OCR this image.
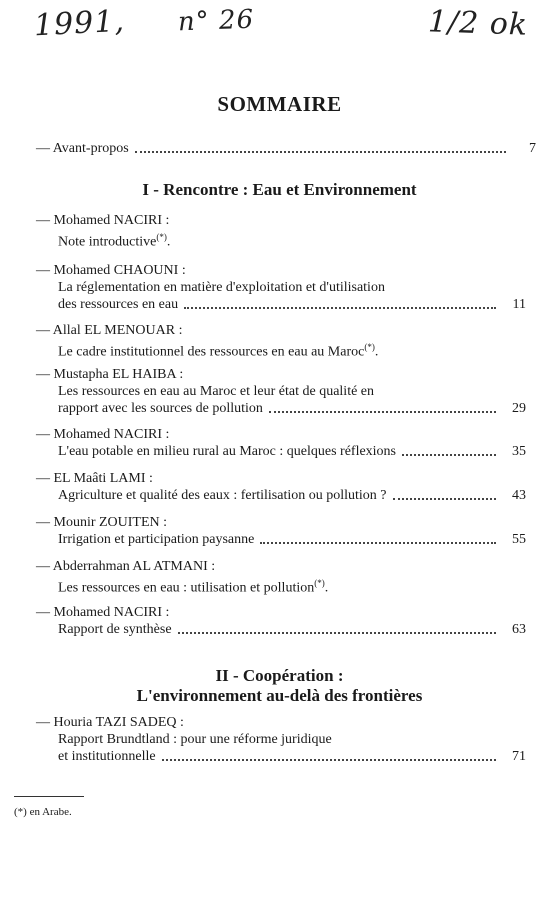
1991, n° 26	1/2 ok
SOMMAIRE
— Avant-propos	7
I - Rencontre : Eau et Environnement
— Mohamed NACIRI :
Note introductive(*).
— Mohamed CHAOUNI :
La réglementation en matière d'exploitation et d'utilisation
des ressources en eau	11
— Allal EL MENOUAR :
Le cadre institutionnel des ressources en eau au Maroc(*).
— Mustapha EL HAIBA :
Les ressources en eau au Maroc et leur état de qualité en
rapport avec les sources de pollution	29
— Mohamed NACIRI :
L'eau potable en milieu rural au Maroc : quelques réflexions	35
— EL Maâti LAMI :
Agriculture et qualité des eaux : fertilisation ou pollution ?	43
— Mounir ZOUITEN :
Irrigation et participation paysanne	55
— Abderrahman AL ATMANI :
Les ressources en eau : utilisation et pollution(*).
— Mohamed NACIRI :
Rapport de synthèse	63
II - Coopération :
L'environnement au-delà des frontières
— Houria TAZI SADEQ :
Rapport Brundtland : pour une réforme juridique
et institutionnelle	71
(*) en Arabe.
